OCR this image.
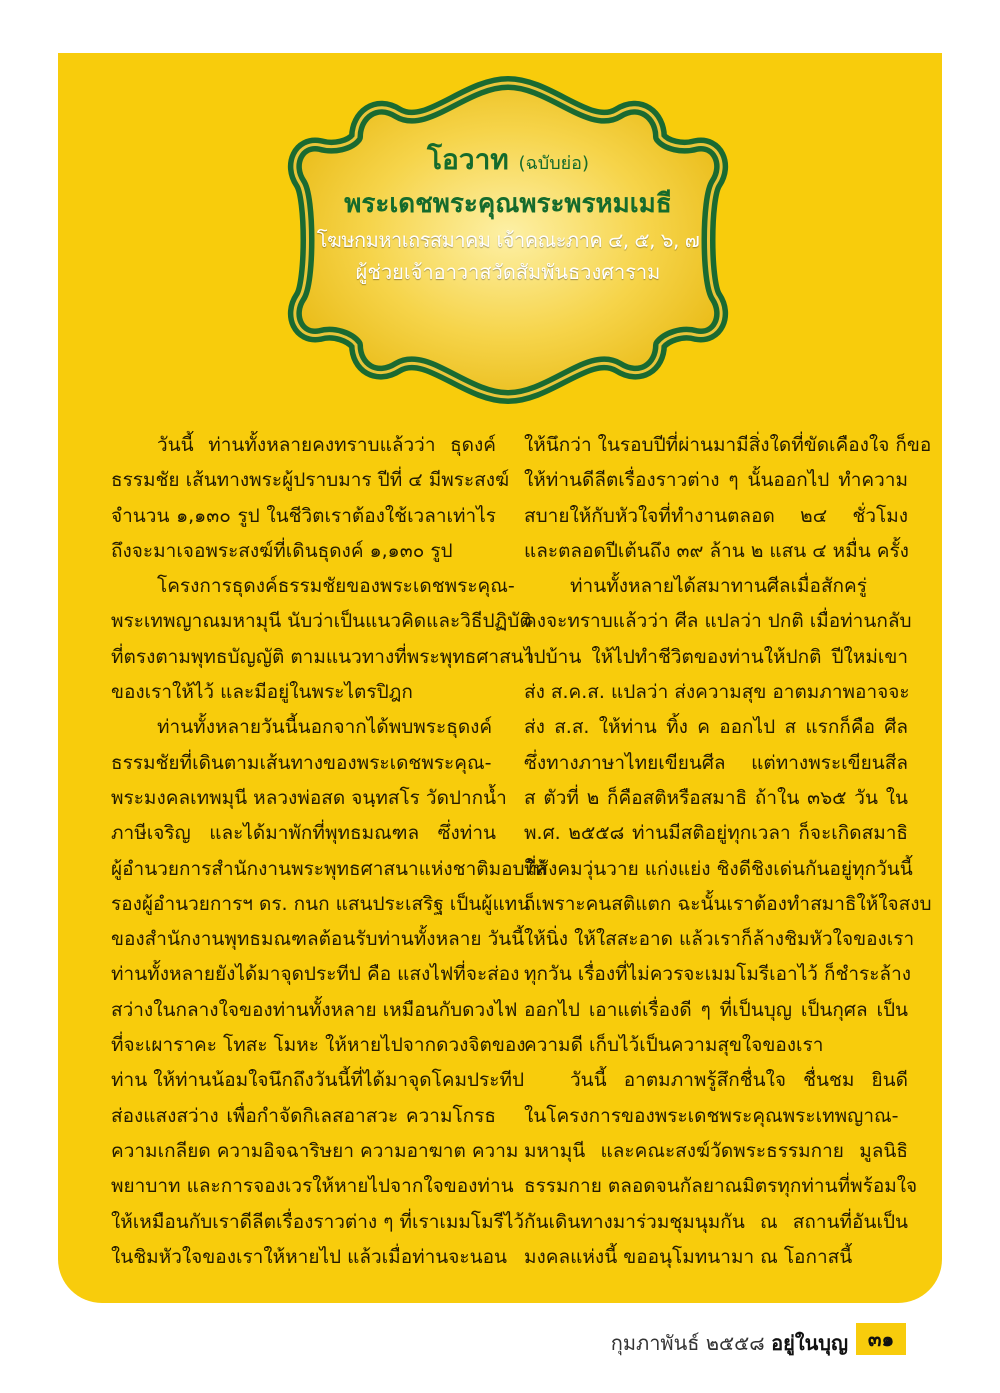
โอวาท (ฉบับย่อ)
พระเดชพระคุณพระพรหมเมธี
โฆษกมหาเถรสมาคม เจ้าคณะภาค ๔, ๕, ๖, ๗
ผู้ช่วยเจ้าอาวาสวัดสัมพันธวงศาราม
วันนี้ ท่านทั้งหลายคงทราบแล้วว่า ธุดงค์
ธรรมชัย เส้นทางพระผู้ปราบมาร ปีที่ ๔ มีพระสงฆ์
จำนวน ๑,๑๓๐ รูป ในชีวิตเราต้องใช้เวลาเท่าไร
ถึงจะมาเจอพระสงฆ์ที่เดินธุดงค์ ๑,๑๓๐ รูป
โครงการธุดงค์ธรรมชัยของพระเดชพระคุณ-
พระเทพญาณมหามุนี นับว่าเป็นแนวคิดและวิธีปฏิบัติ
ที่ตรงตามพุทธบัญญัติ ตามแนวทางที่พระพุทธศาสนา
ของเราให้ไว้ และมีอยู่ในพระไตรปิฎก
ท่านทั้งหลายวันนี้นอกจากได้พบพระธุดงค์
ธรรมชัยที่เดินตามเส้นทางของพระเดชพระคุณ-
พระมงคลเทพมุนี หลวงพ่อสด จนฺทสโร วัดปากน้ำ
ภาษีเจริญ และได้มาพักที่พุทธมณฑล ซึ่งท่าน
ผู้อำนวยการสำนักงานพระพุทธศาสนาแห่งชาติมอบให้
รองผู้อำนวยการฯ ดร. กนก แสนประเสริฐ เป็นผู้แทน
ของสำนักงานพุทธมณฑลต้อนรับท่านทั้งหลาย วันนี้
ท่านทั้งหลายยังได้มาจุดประทีป คือ แสงไฟที่จะส่อง
สว่างในกลางใจของท่านทั้งหลาย เหมือนกับดวงไฟ
ที่จะเผาราคะ โทสะ โมหะ ให้หายไปจากดวงจิตของ
ท่าน ให้ท่านน้อมใจนึกถึงวันนี้ที่ได้มาจุดโคมประทีป
ส่องแสงสว่าง เพื่อกำจัดกิเลสอาสวะ ความโกรธ
ความเกลียด ความอิจฉาริษยา ความอาฆาต ความ
พยาบาท และการจองเวรให้หายไปจากใจของท่าน
ให้เหมือนกับเราดีลีตเรื่องราวต่าง ๆ ที่เราเมมโมรีไว้
ในชิมหัวใจของเราให้หายไป แล้วเมื่อท่านจะนอน
ให้นึกว่า ในรอบปีที่ผ่านมามีสิ่งใดที่ขัดเคืองใจ ก็ขอ
ให้ท่านดีลีตเรื่องราวต่าง ๆ นั้นออกไป ทำความ
สบายให้กับหัวใจที่ทำงานตลอด ๒๔ ชั่วโมง
และตลอดปีเต้นถึง ๓๙ ล้าน ๒ แสน ๔ หมื่น ครั้ง
ท่านทั้งหลายได้สมาทานศีลเมื่อสักครู่
คงจะทราบแล้วว่า ศีล แปลว่า ปกติ เมื่อท่านกลับ
ไปบ้าน ให้ไปทำชีวิตของท่านให้ปกติ ปีใหม่เขา
ส่ง ส.ค.ส. แปลว่า ส่งความสุข อาตมภาพอาจจะ
ส่ง ส.ส. ให้ท่าน ทิ้ง ค ออกไป ส แรกก็คือ ศีล
ซึ่งทางภาษาไทยเขียนศีล แต่ทางพระเขียนสีล
ส ตัวที่ ๒ ก็คือสติหรือสมาธิ ถ้าใน ๓๖๕ วัน ใน
พ.ศ. ๒๕๕๘ ท่านมีสติอยู่ทุกเวลา ก็จะเกิดสมาธิ
ที่สังคมวุ่นวาย แก่งแย่ง ชิงดีชิงเด่นกันอยู่ทุกวันนี้
ก็เพราะคนสติแตก ฉะนั้นเราต้องทำสมาธิให้ใจสงบ
ให้นิ่ง ให้ใสสะอาด แล้วเราก็ล้างชิมหัวใจของเรา
ทุกวัน เรื่องที่ไม่ควรจะเมมโมรีเอาไว้ ก็ชำระล้าง
ออกไป เอาแต่เรื่องดี ๆ ที่เป็นบุญ เป็นกุศล เป็น
ความดี เก็บไว้เป็นความสุขใจของเรา
วันนี้ อาตมภาพรู้สึกชื่นใจ ชื่นชม ยินดี
ในโครงการของพระเดชพระคุณพระเทพญาณ-
มหามุนี และคณะสงฆ์วัดพระธรรมกาย มูลนิธิ
ธรรมกาย ตลอดจนกัลยาณมิตรทุกท่านที่พร้อมใจ
กันเดินทางมาร่วมชุมนุมกัน ณ สถานที่อันเป็น
มงคลแห่งนี้ ขออนุโมทนามา ณ โอกาสนี้
กุมภาพันธ์ ๒๕๕๘ อยู่ในบุญ ๓๑
